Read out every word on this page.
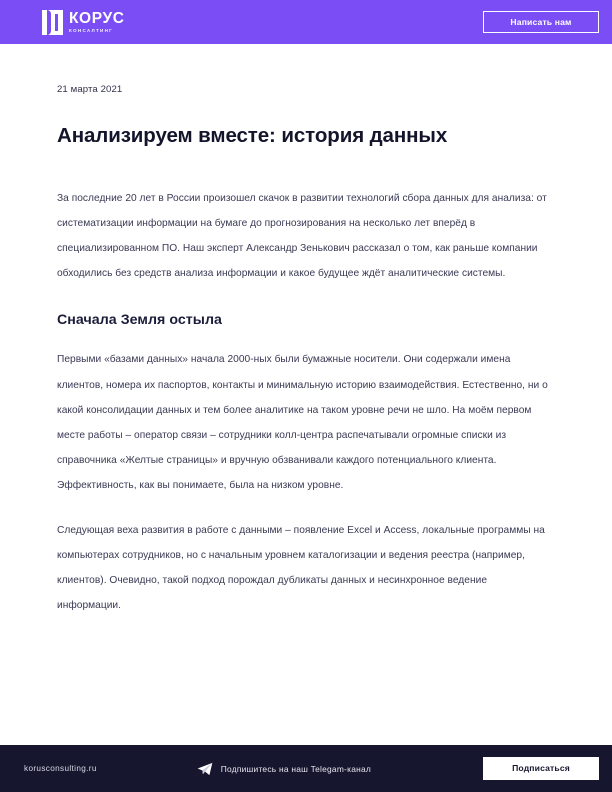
КОРУС
КОНСАЛТИНГ
Написать нам
21 марта 2021
Анализируем вместе: история данных

За последние 20 лет в России произошел скачок в развитии технологий сбора данных для анализа: от систематизации информации на бумаге до прогнозирования на несколько лет вперёд в специализированном ПО. Наш эксперт Александр Зенькович рассказал о том, как раньше компании обходились без средств анализа информации и какое будущее ждёт аналитические системы.

Сначала Земля остыла

Первыми «базами данных» начала 2000-ных были бумажные носители. Они содержали имена клиентов, номера их паспортов, контакты и минимальную историю взаимодействия. Естественно, ни о какой консолидации данных и тем более аналитике на таком уровне речи не шло. На моём первом месте работы – оператор связи – сотрудники колл-центра распечатывали огромные списки из справочника «Желтые страницы» и вручную обзванивали каждого потенциального клиента. Эффективность, как вы понимаете, была на низком уровне.

Следующая веха развития в работе с данными – появление Excel и Access, локальные программы на компьютерах сотрудников, но с начальным уровнем каталогизации и ведения реестра (например, клиентов). Очевидно, такой подход порождал дубликаты данных и несинхронное ведение информации.

korusconsulting.ru	Подпишитесь на наш Telegam-канал	Подписаться
